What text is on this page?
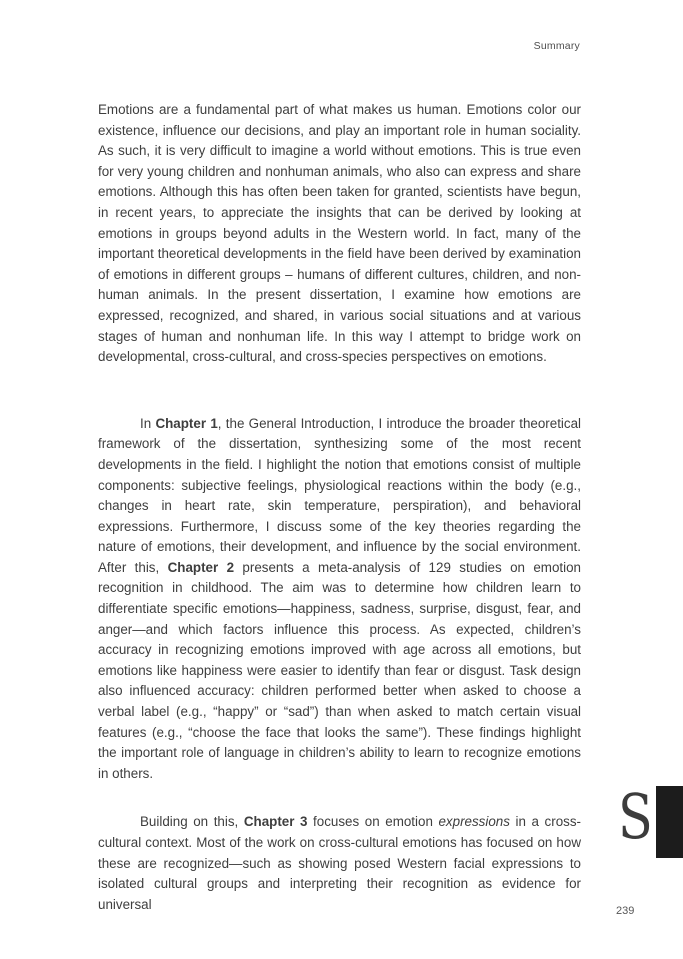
Summary

Emotions are a fundamental part of what makes us human. Emotions color our existence, influence our decisions, and play an important role in human sociality. As such, it is very difficult to imagine a world without emotions. This is true even for very young children and nonhuman animals, who also can express and share emotions. Although this has often been taken for granted, scientists have begun, in recent years, to appreciate the insights that can be derived by looking at emotions in groups beyond adults in the Western world. In fact, many of the important theoretical developments in the field have been derived by examination of emotions in different groups – humans of different cultures, children, and non-human animals. In the present dissertation, I examine how emotions are expressed, recognized, and shared, in various social situations and at various stages of human and nonhuman life. In this way I attempt to bridge work on developmental, cross-cultural, and cross-species perspectives on emotions.

In Chapter 1, the General Introduction, I introduce the broader theoretical framework of the dissertation, synthesizing some of the most recent developments in the field. I highlight the notion that emotions consist of multiple components: subjective feelings, physiological reactions within the body (e.g., changes in heart rate, skin temperature, perspiration), and behavioral expressions. Furthermore, I discuss some of the key theories regarding the nature of emotions, their development, and influence by the social environment. After this, Chapter 2 presents a meta-analysis of 129 studies on emotion recognition in childhood. The aim was to determine how children learn to differentiate specific emotions—happiness, sadness, surprise, disgust, fear, and anger—and which factors influence this process. As expected, children’s accuracy in recognizing emotions improved with age across all emotions, but emotions like happiness were easier to identify than fear or disgust. Task design also influenced accuracy: children performed better when asked to choose a verbal label (e.g., “happy” or “sad”) than when asked to match certain visual features (e.g., “choose the face that looks the same”). These findings highlight the important role of language in children’s ability to learn to recognize emotions in others.

Building on this, Chapter 3 focuses on emotion expressions in a cross-cultural context. Most of the work on cross-cultural emotions has focused on how these are recognized—such as showing posed Western facial expressions to isolated cultural groups and interpreting their recognition as evidence for universal

S
239
